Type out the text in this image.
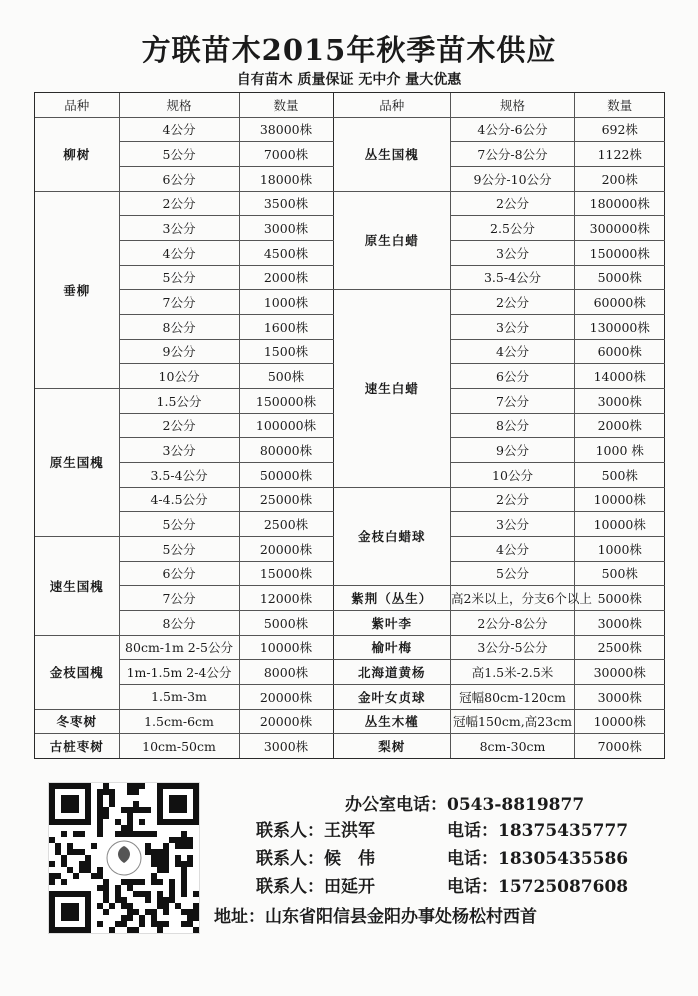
方联苗木2015年秋季苗木供应
自有苗木 质量保证 无中介 量大优惠
品种	规格	数量
柳树	4公分	38000株
	5公分	7000株
	6公分	18000株
垂柳	2公分	3500株
	3公分	3000株
	4公分	4500株
	5公分	2000株
	7公分	1000株
	8公分	1600株
	9公分	1500株
	10公分	500株
原生国槐	1.5公分	150000株
	2公分	100000株
	3公分	80000株
	3.5-4公分	50000株
	4-4.5公分	25000株
	5公分	2500株
速生国槐	5公分	20000株
	6公分	15000株
	7公分	12000株
	8公分	5000株
金枝国槐	80cm-1m 2-5公分	10000株
	1m-1.5m 2-4公分	8000株
	1.5m-3m	20000株
冬枣树	1.5cm-6cm	20000株
古桩枣树	10cm-50cm	3000株
品种	规格	数量
丛生国槐	4公分-6公分	692株
	7公分-8公分	1122株
	9公分-10公分	200株
原生白蜡	2公分	180000株
	2.5公分	300000株
	3公分	150000株
	3.5-4公分	5000株
速生白蜡	2公分	60000株
	3公分	130000株
	4公分	6000株
	6公分	14000株
	7公分	3000株
	8公分	2000株
	9公分	1000 株
	10公分	500株
金枝白蜡球	2公分	10000株
	3公分	10000株
	4公分	1000株
	5公分	500株
紫荆（丛生）	高2米以上，分支6个以上	5000株
紫叶李	2公分-8公分	3000株
榆叶梅	3公分-5公分	2500株
北海道黄杨	高1.5米-2.5米	30000株
金叶女贞球	冠幅80cm-120cm	3000株
丛生木槿	冠幅150cm,高23cm	10000株
梨树	8cm-30cm	7000株
办公室电话：0543-8819877
联系人：王洪军	电话：18375435777
联系人：候　伟	电话：18305435586
联系人：田延开	电话：15725087608
地址：山东省阳信县金阳办事处杨松村西首
